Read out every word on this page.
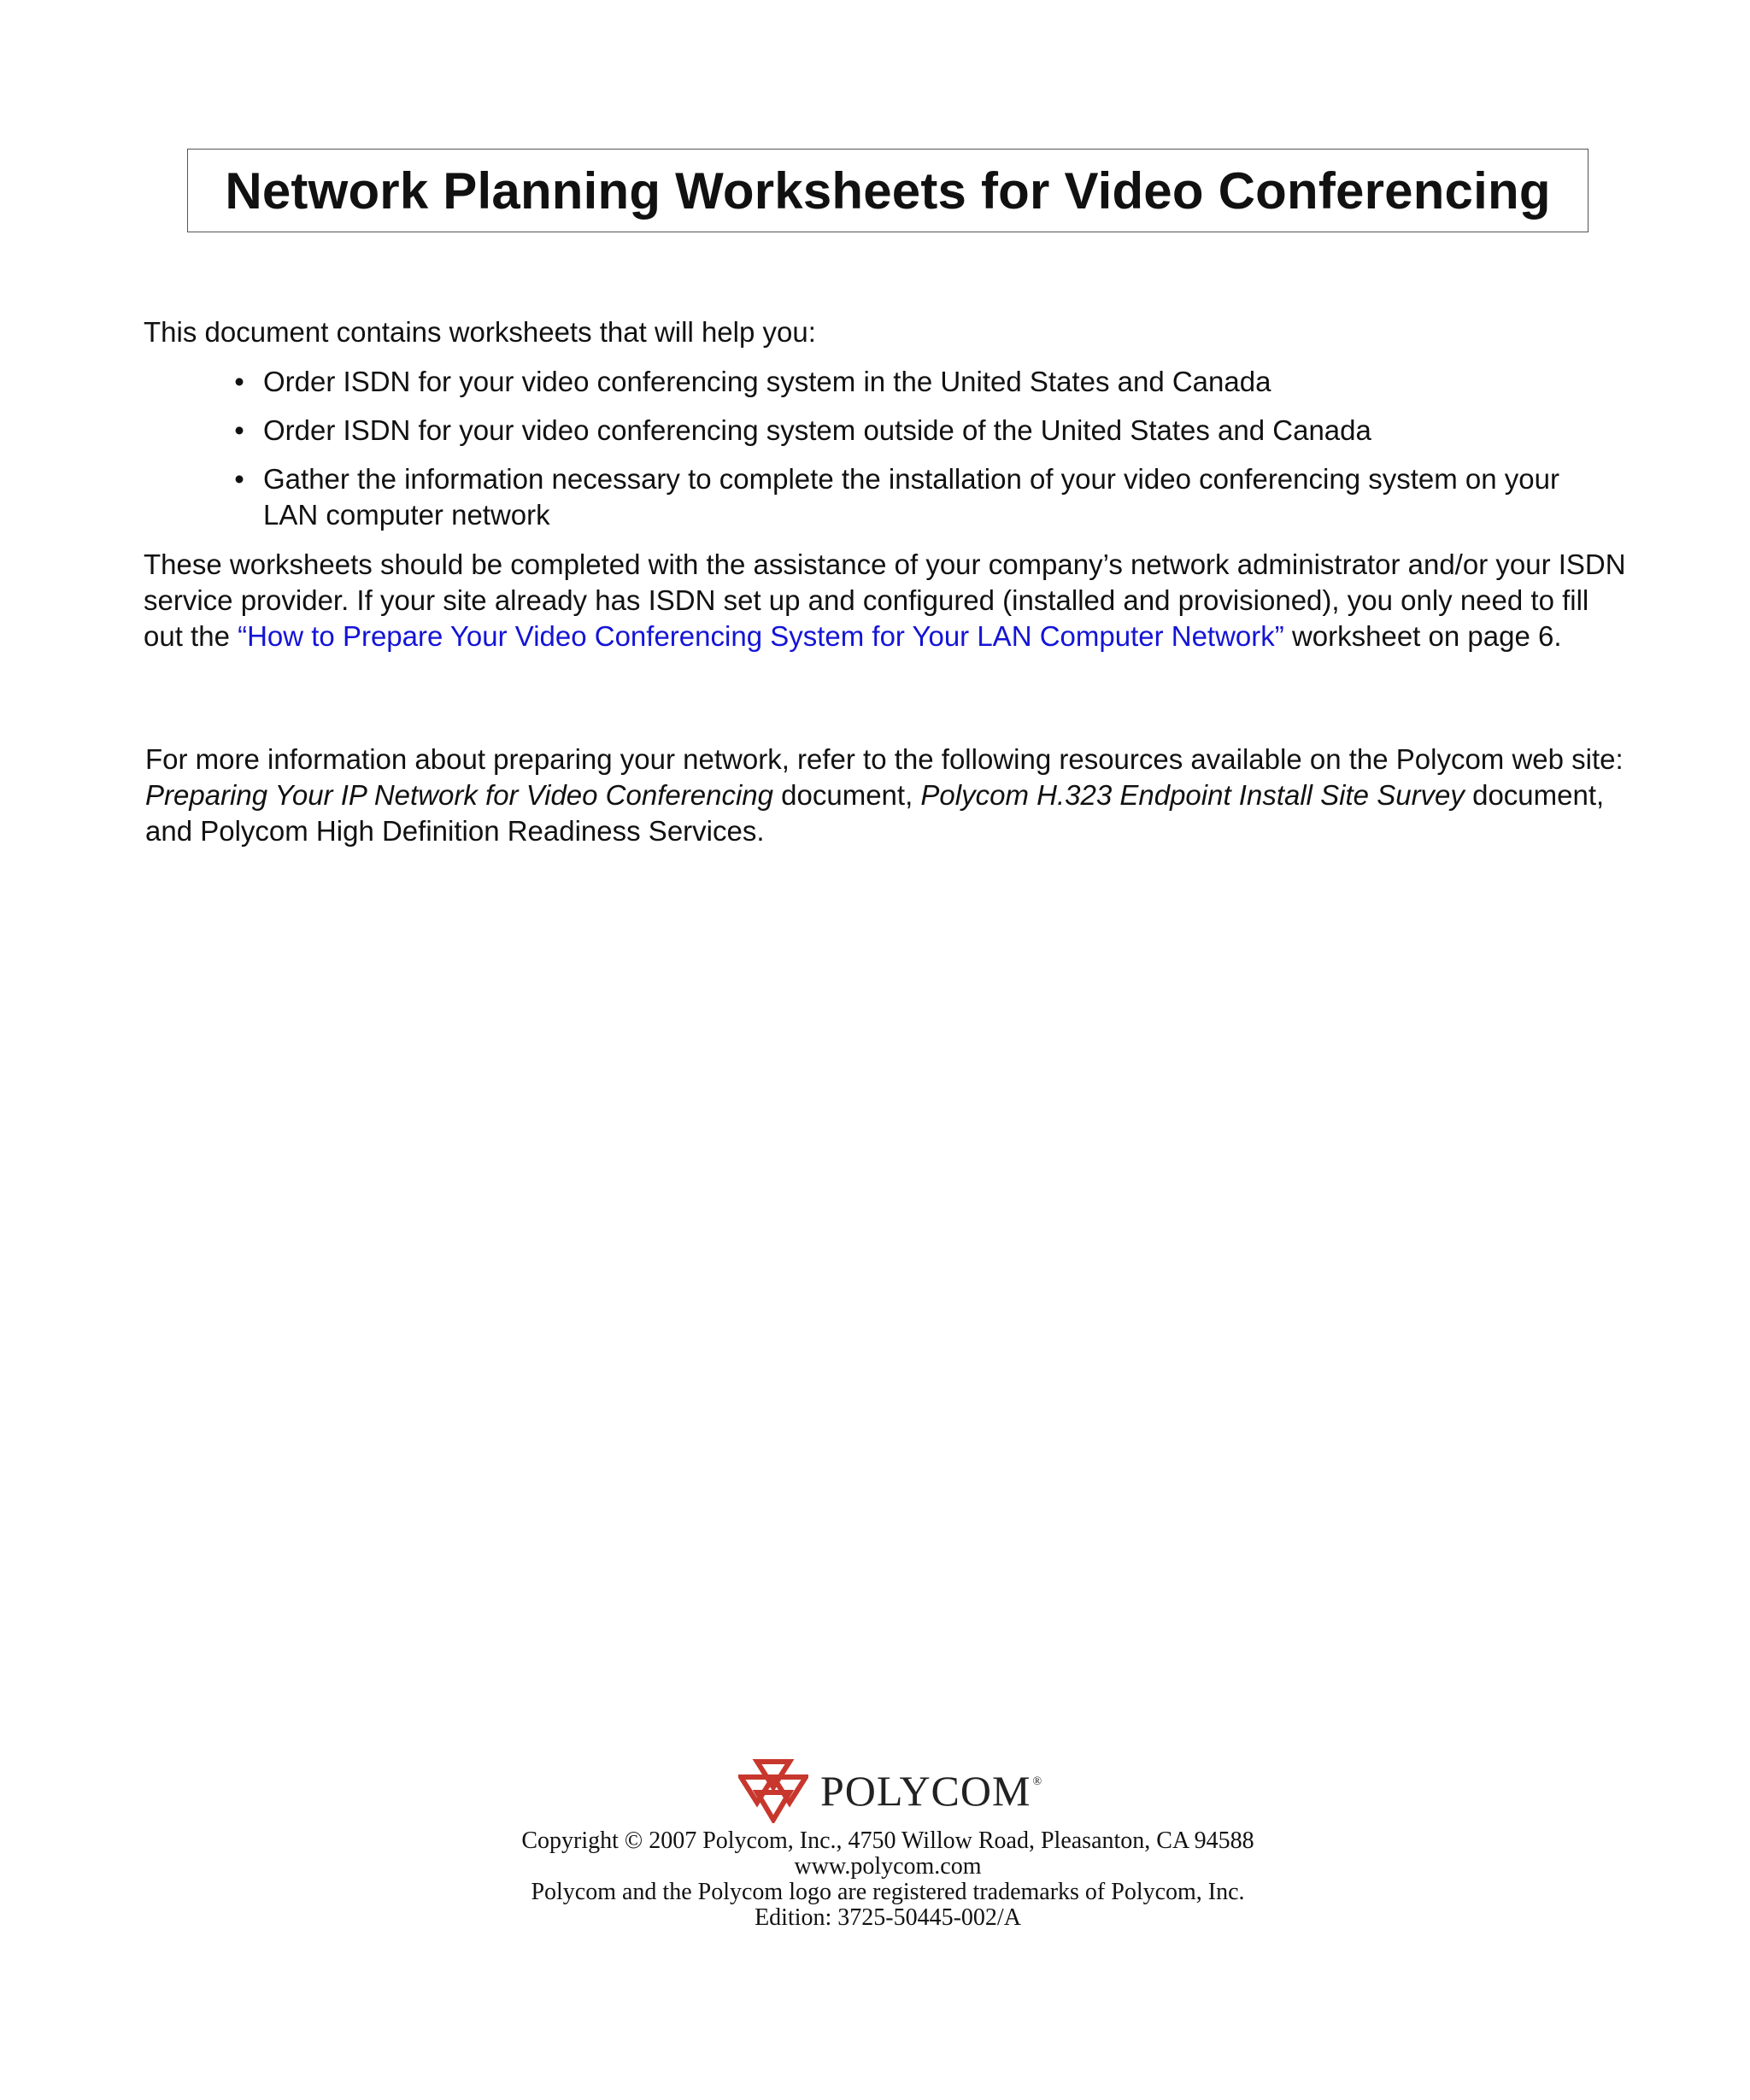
Network Planning Worksheets for Video Conferencing

This document contains worksheets that will help you:

• Order ISDN for your video conferencing system in the United States and Canada
• Order ISDN for your video conferencing system outside of the United States and Canada
• Gather the information necessary to complete the installation of your video conferencing system on your LAN computer network

These worksheets should be completed with the assistance of your company’s network administrator and/or your ISDN service provider. If your site already has ISDN set up and configured (installed and provisioned), you only need to fill out the “How to Prepare Your Video Conferencing System for Your LAN Computer Network” worksheet on page 6.

For more information about preparing your network, refer to the following resources available on the Polycom web site: Preparing Your IP Network for Video Conferencing document, Polycom H.323 Endpoint Install Site Survey document, and Polycom High Definition Readiness Services.

POLYCOM ®
Copyright © 2007 Polycom, Inc., 4750 Willow Road, Pleasanton, CA 94588
www.polycom.com
Polycom and the Polycom logo are registered trademarks of Polycom, Inc.
Edition: 3725-50445-002/A
